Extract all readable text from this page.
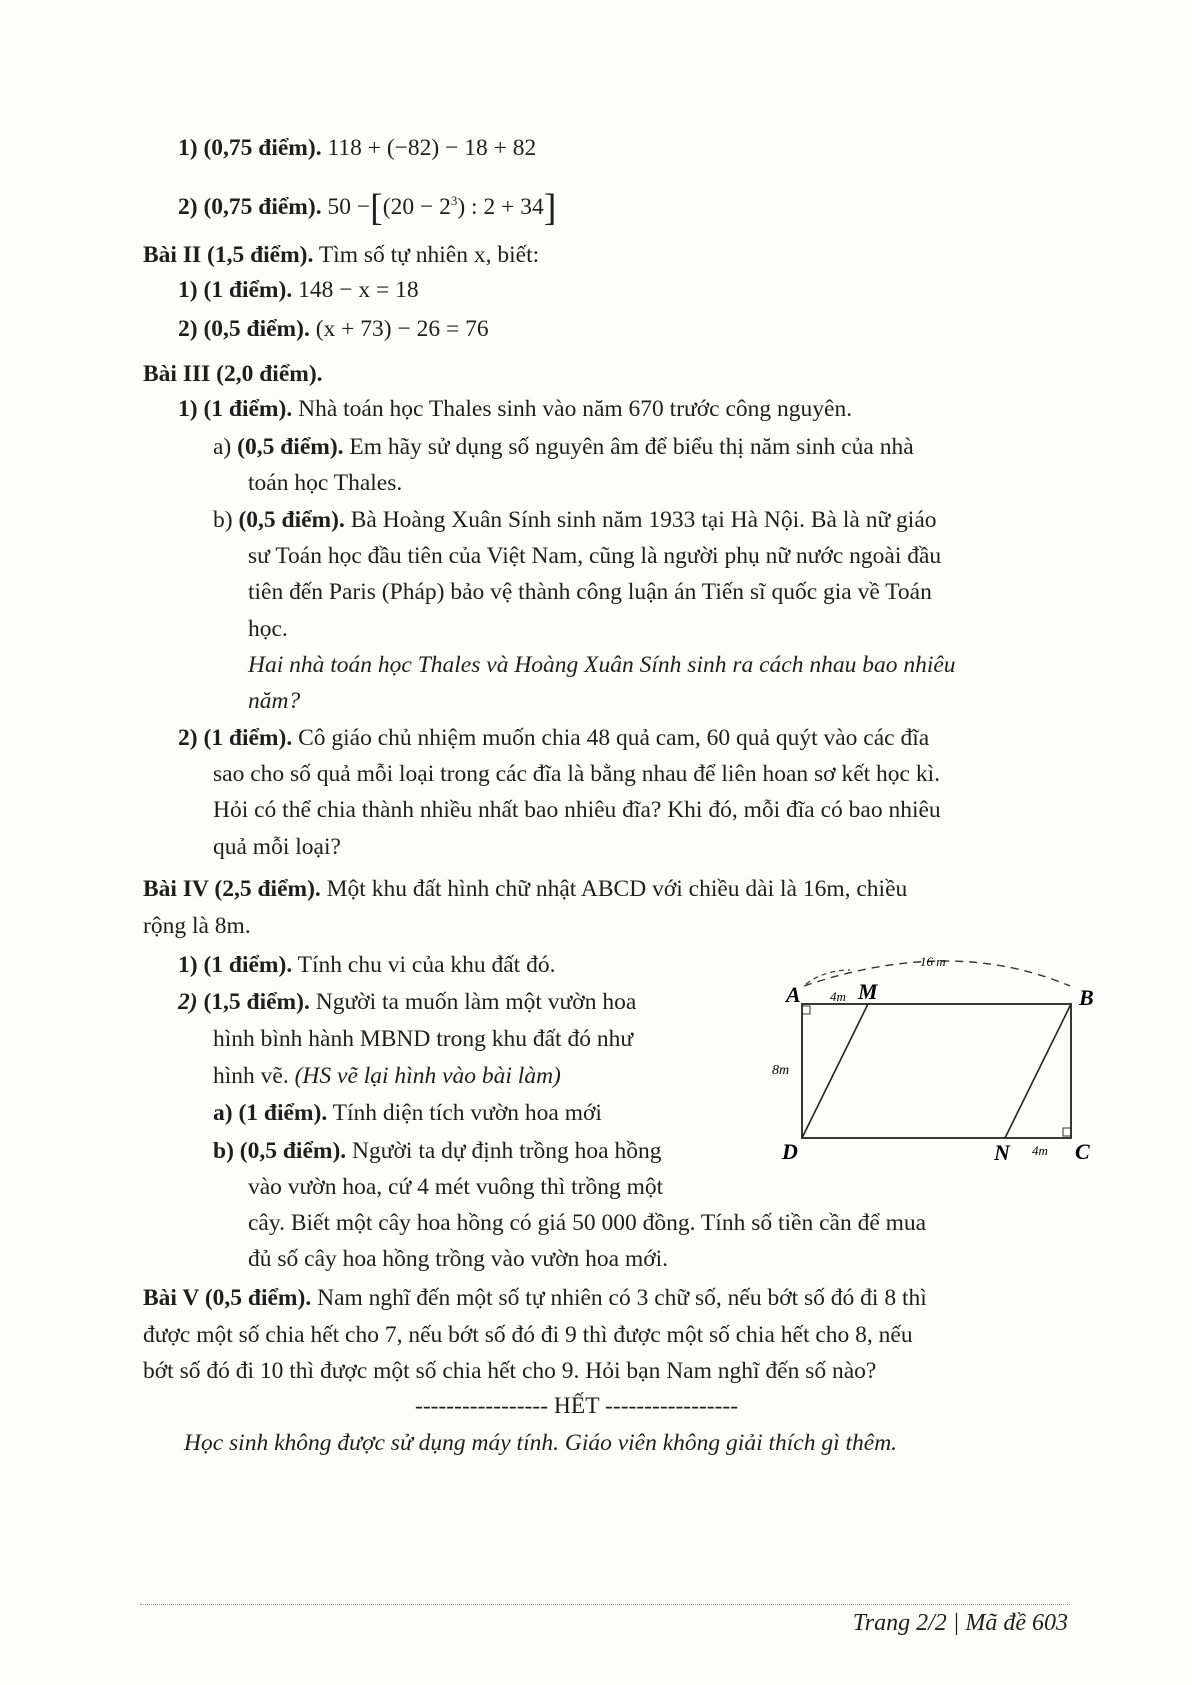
1) (0,75 điểm). 118 + (−82) − 18 + 82
2) (0,75 điểm). $50 -[(20 - 2^3)$ : 2 + 34]
Bài II (1,5 điểm). Tìm số tự nhiên x, biết:
1) (1 điểm). 148 − x = 18
2) (0,5 điểm). (x + 73) − 26 = 76
Bài III (2,0 điểm).
1) (1 điểm). Nhà toán học Thales sinh vào năm 670 trước công nguyên.
a) (0,5 điểm). Em hãy sử dụng số nguyên âm để biểu thị năm sinh của nhà
toán học Thales.
b) (0,5 điểm). Bà Hoàng Xuân Sính sinh năm 1933 tại Hà Nội. Bà là nữ giáo
sư Toán học đầu tiên của Việt Nam, cũng là người phụ nữ nước ngoài đầu
tiên đến Paris (Pháp) bảo vệ thành công luận án Tiến sĩ quốc gia về Toán
học.
Hai nhà toán học Thales và Hoàng Xuân Sính sinh ra cách nhau bao nhiêu
năm?
2) (1 điểm). Cô giáo chủ nhiệm muốn chia 48 quả cam, 60 quả quýt vào các đĩa
sao cho số quả mỗi loại trong các đĩa là bằng nhau để liên hoan sơ kết học kì.
Hỏi có thể chia thành nhiều nhất bao nhiêu đĩa? Khi đó, mỗi đĩa có bao nhiêu
quả mỗi loại?
Bài IV (2,5 điểm). Một khu đất hình chữ nhật ABCD với chiều dài là 16m, chiều
rộng là 8m.
1) (1 điểm). Tính chu vi của khu đất đó.
2) (1,5 điểm). Người ta muốn làm một vườn hoa
hình bình hành MBND trong khu đất đó như
hình vẽ. (HS vẽ lại hình vào bài làm)
a) (1 điểm). Tính diện tích vườn hoa mới
b) (0,5 điểm). Người ta dự định trồng hoa hồng
vào vườn hoa, cứ 4 mét vuông thì trồng một
cây. Biết một cây hoa hồng có giá 50 000 đồng. Tính số tiền cần để mua
đủ số cây hoa hồng trồng vào vườn hoa mới.
A	B
C
D
M
N
16 m
4m
8m
4m
Bài V (0,5 điểm). Nam nghĩ đến một số tự nhiên có 3 chữ số, nếu bớt số đó đi 8 thì
được một số chia hết cho 7, nếu bớt số đó đi 9 thì được một số chia hết cho 8, nếu
bớt số đó đi 10 thì được một số chia hết cho 9. Hỏi bạn Nam nghĩ đến số nào?
----------------- HẾT -----------------
Học sinh không được sử dụng máy tính. Giáo viên không giải thích gì thêm.
Trang 2/2 | Mã đề 603
